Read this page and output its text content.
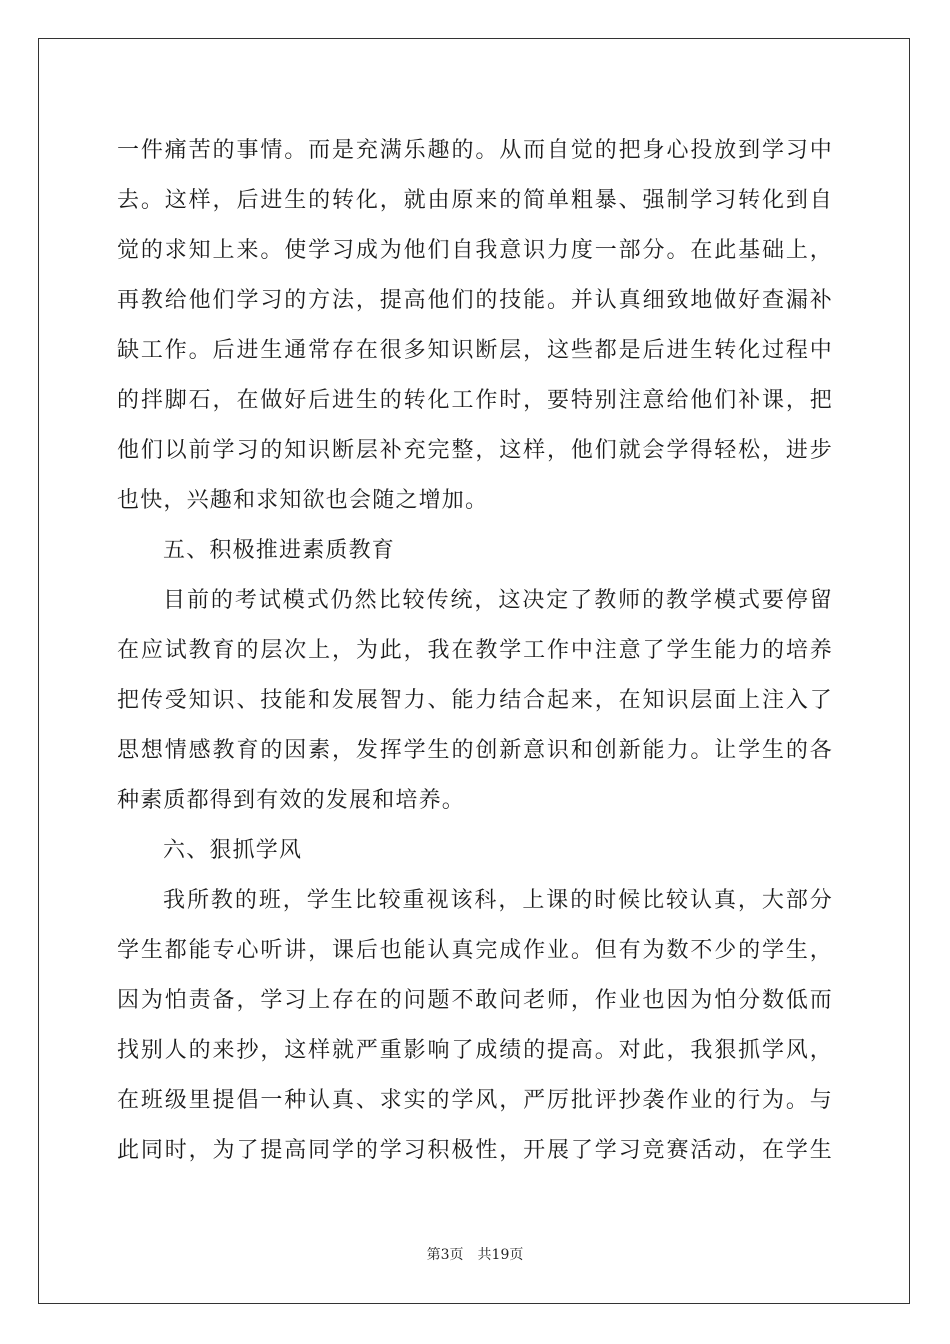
一件痛苦的事情。而是充满乐趣的。从而自觉的把身心投放到学习中
去。这样，后进生的转化，就由原来的简单粗暴、强制学习转化到自
觉的求知上来。使学习成为他们自我意识力度一部分。在此基础上，
再教给他们学习的方法，提高他们的技能。并认真细致地做好查漏补
缺工作。后进生通常存在很多知识断层，这些都是后进生转化过程中
的拌脚石，在做好后进生的转化工作时，要特别注意给他们补课，把
他们以前学习的知识断层补充完整，这样，他们就会学得轻松，进步
也快，兴趣和求知欲也会随之增加。
五、积极推进素质教育
目前的考试模式仍然比较传统，这决定了教师的教学模式要停留
在应试教育的层次上，为此，我在教学工作中注意了学生能力的培养
把传受知识、技能和发展智力、能力结合起来，在知识层面上注入了
思想情感教育的因素，发挥学生的创新意识和创新能力。让学生的各
种素质都得到有效的发展和培养。
六、狠抓学风
我所教的班，学生比较重视该科，上课的时候比较认真，大部分
学生都能专心听讲，课后也能认真完成作业。但有为数不少的学生，
因为怕责备，学习上存在的问题不敢问老师，作业也因为怕分数低而
找别人的来抄，这样就严重影响了成绩的提高。对此，我狠抓学风，
在班级里提倡一种认真、求实的学风，严厉批评抄袭作业的行为。与
此同时，为了提高同学的学习积极性，开展了学习竞赛活动，在学生
第3页 共19页
